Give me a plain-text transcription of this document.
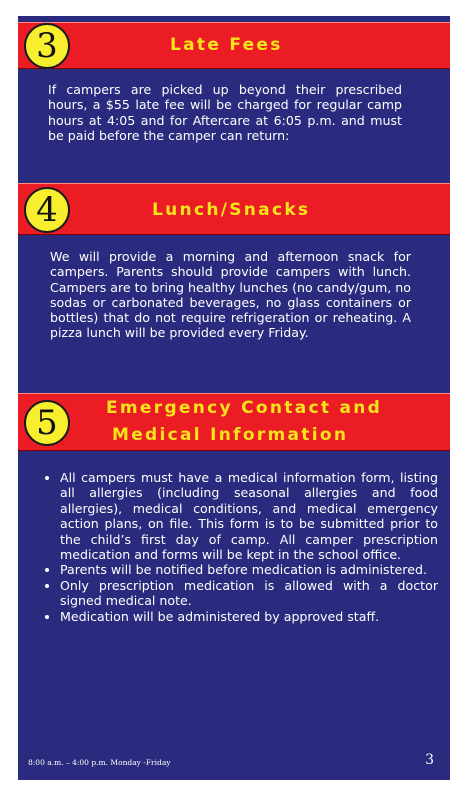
3	Late Fees

If campers are picked up beyond their prescribed hours, a $55 late fee will be charged for regular camp hours at 4:05 and for Aftercare at 6:05 p.m. and must be paid before the camper can return:

4	Lunch/Snacks

We will provide a morning and afternoon snack for campers. Parents should provide campers with lunch. Campers are to bring healthy lunches (no candy/gum, no sodas or carbonated beverages, no glass containers or bottles) that do not require refrigeration or reheating. A pizza lunch will be provided every Friday.

5	Emergency Contact and
Medical Information
• All campers must have a medical information form, listing all allergies (including seasonal allergies and food allergies), medical conditions, and medical emergency action plans, on file. This form is to be submitted prior to the child’s first day of camp. All camper prescription medication and forms will be kept in the school office.
• Parents will be notified before medication is administered.
• Only prescription medication is allowed with a doctor signed medical note.
• Medication will be administered by approved staff.
8:00 a.m. – 4:00 p.m. Monday -Friday	3
